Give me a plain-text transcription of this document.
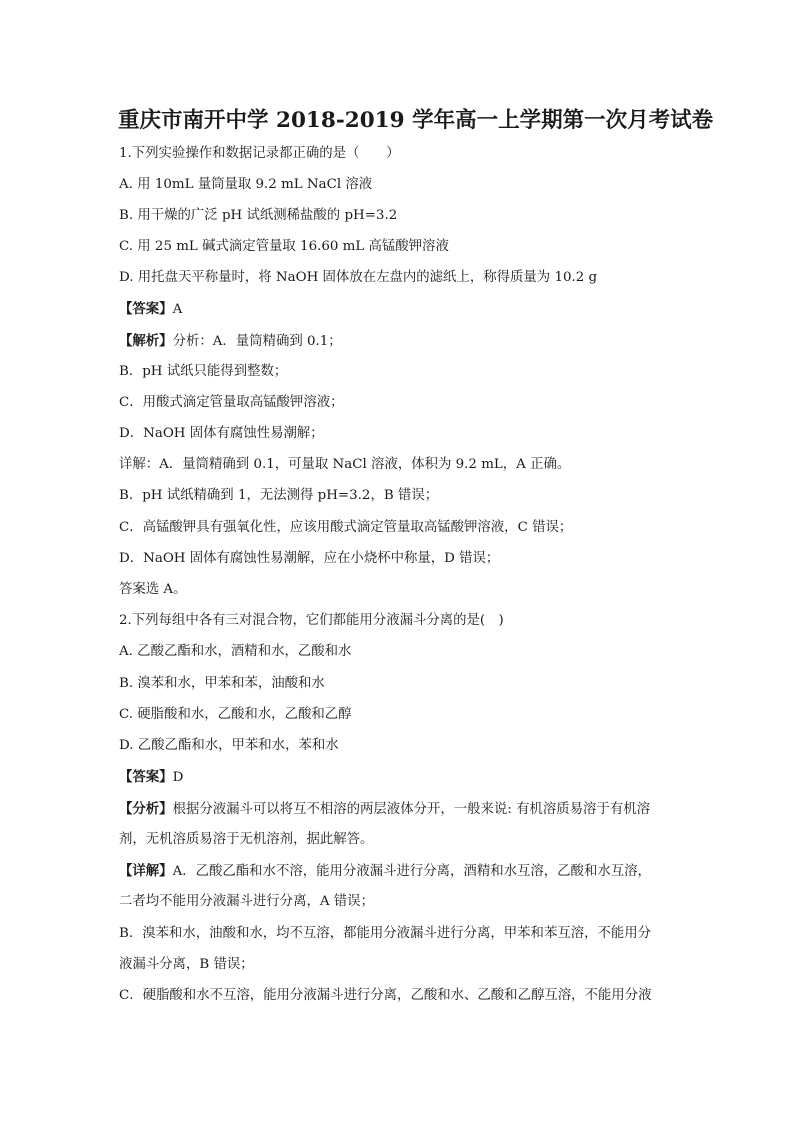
重庆市南开中学 2018-2019 学年高一上学期第一次月考试卷
1.下列实验操作和数据记录都正确的是（　　）
A. 用 10mL 量筒量取 9.2 mL NaCl 溶液
B. 用干燥的广泛 pH 试纸测稀盐酸的 pH=3.2
C. 用 25 mL 碱式滴定管量取 16.60 mL 高锰酸钾溶液
D. 用托盘天平称量时，将 NaOH 固体放在左盘内的滤纸上，称得质量为 10.2 g
【答案】A
【解析】分析：A．量筒精确到 0.1；
B．pH 试纸只能得到整数；
C．用酸式滴定管量取高锰酸钾溶液；
D．NaOH 固体有腐蚀性易潮解；
详解：A．量筒精确到 0.1，可量取 NaCl 溶液，体积为 9.2 mL，A 正确。
B．pH 试纸精确到 1，无法测得 pH=3.2，B 错误；
C．高锰酸钾具有强氧化性，应该用酸式滴定管量取高锰酸钾溶液，C 错误；
D．NaOH 固体有腐蚀性易潮解，应在小烧杯中称量，D 错误；
答案选 A。
2.下列每组中各有三对混合物，它们都能用分液漏斗分离的是(　)
A. 乙酸乙酯和水，酒精和水，乙酸和水
B. 溴苯和水，甲苯和苯，油酸和水
C. 硬脂酸和水，乙酸和水，乙酸和乙醇
D. 乙酸乙酯和水，甲苯和水，苯和水
【答案】D
【分析】根据分液漏斗可以将互不相溶的两层液体分开，一般来说: 有机溶质易溶于有机溶
剂，无机溶质易溶于无机溶剂，据此解答。
【详解】A．乙酸乙酯和水不溶，能用分液漏斗进行分离，酒精和水互溶，乙酸和水互溶，
二者均不能用分液漏斗进行分离，A 错误；
B．溴苯和水，油酸和水，均不互溶，都能用分液漏斗进行分离，甲苯和苯互溶，不能用分
液漏斗分离，B 错误；
C．硬脂酸和水不互溶，能用分液漏斗进行分离，乙酸和水、乙酸和乙醇互溶，不能用分液
